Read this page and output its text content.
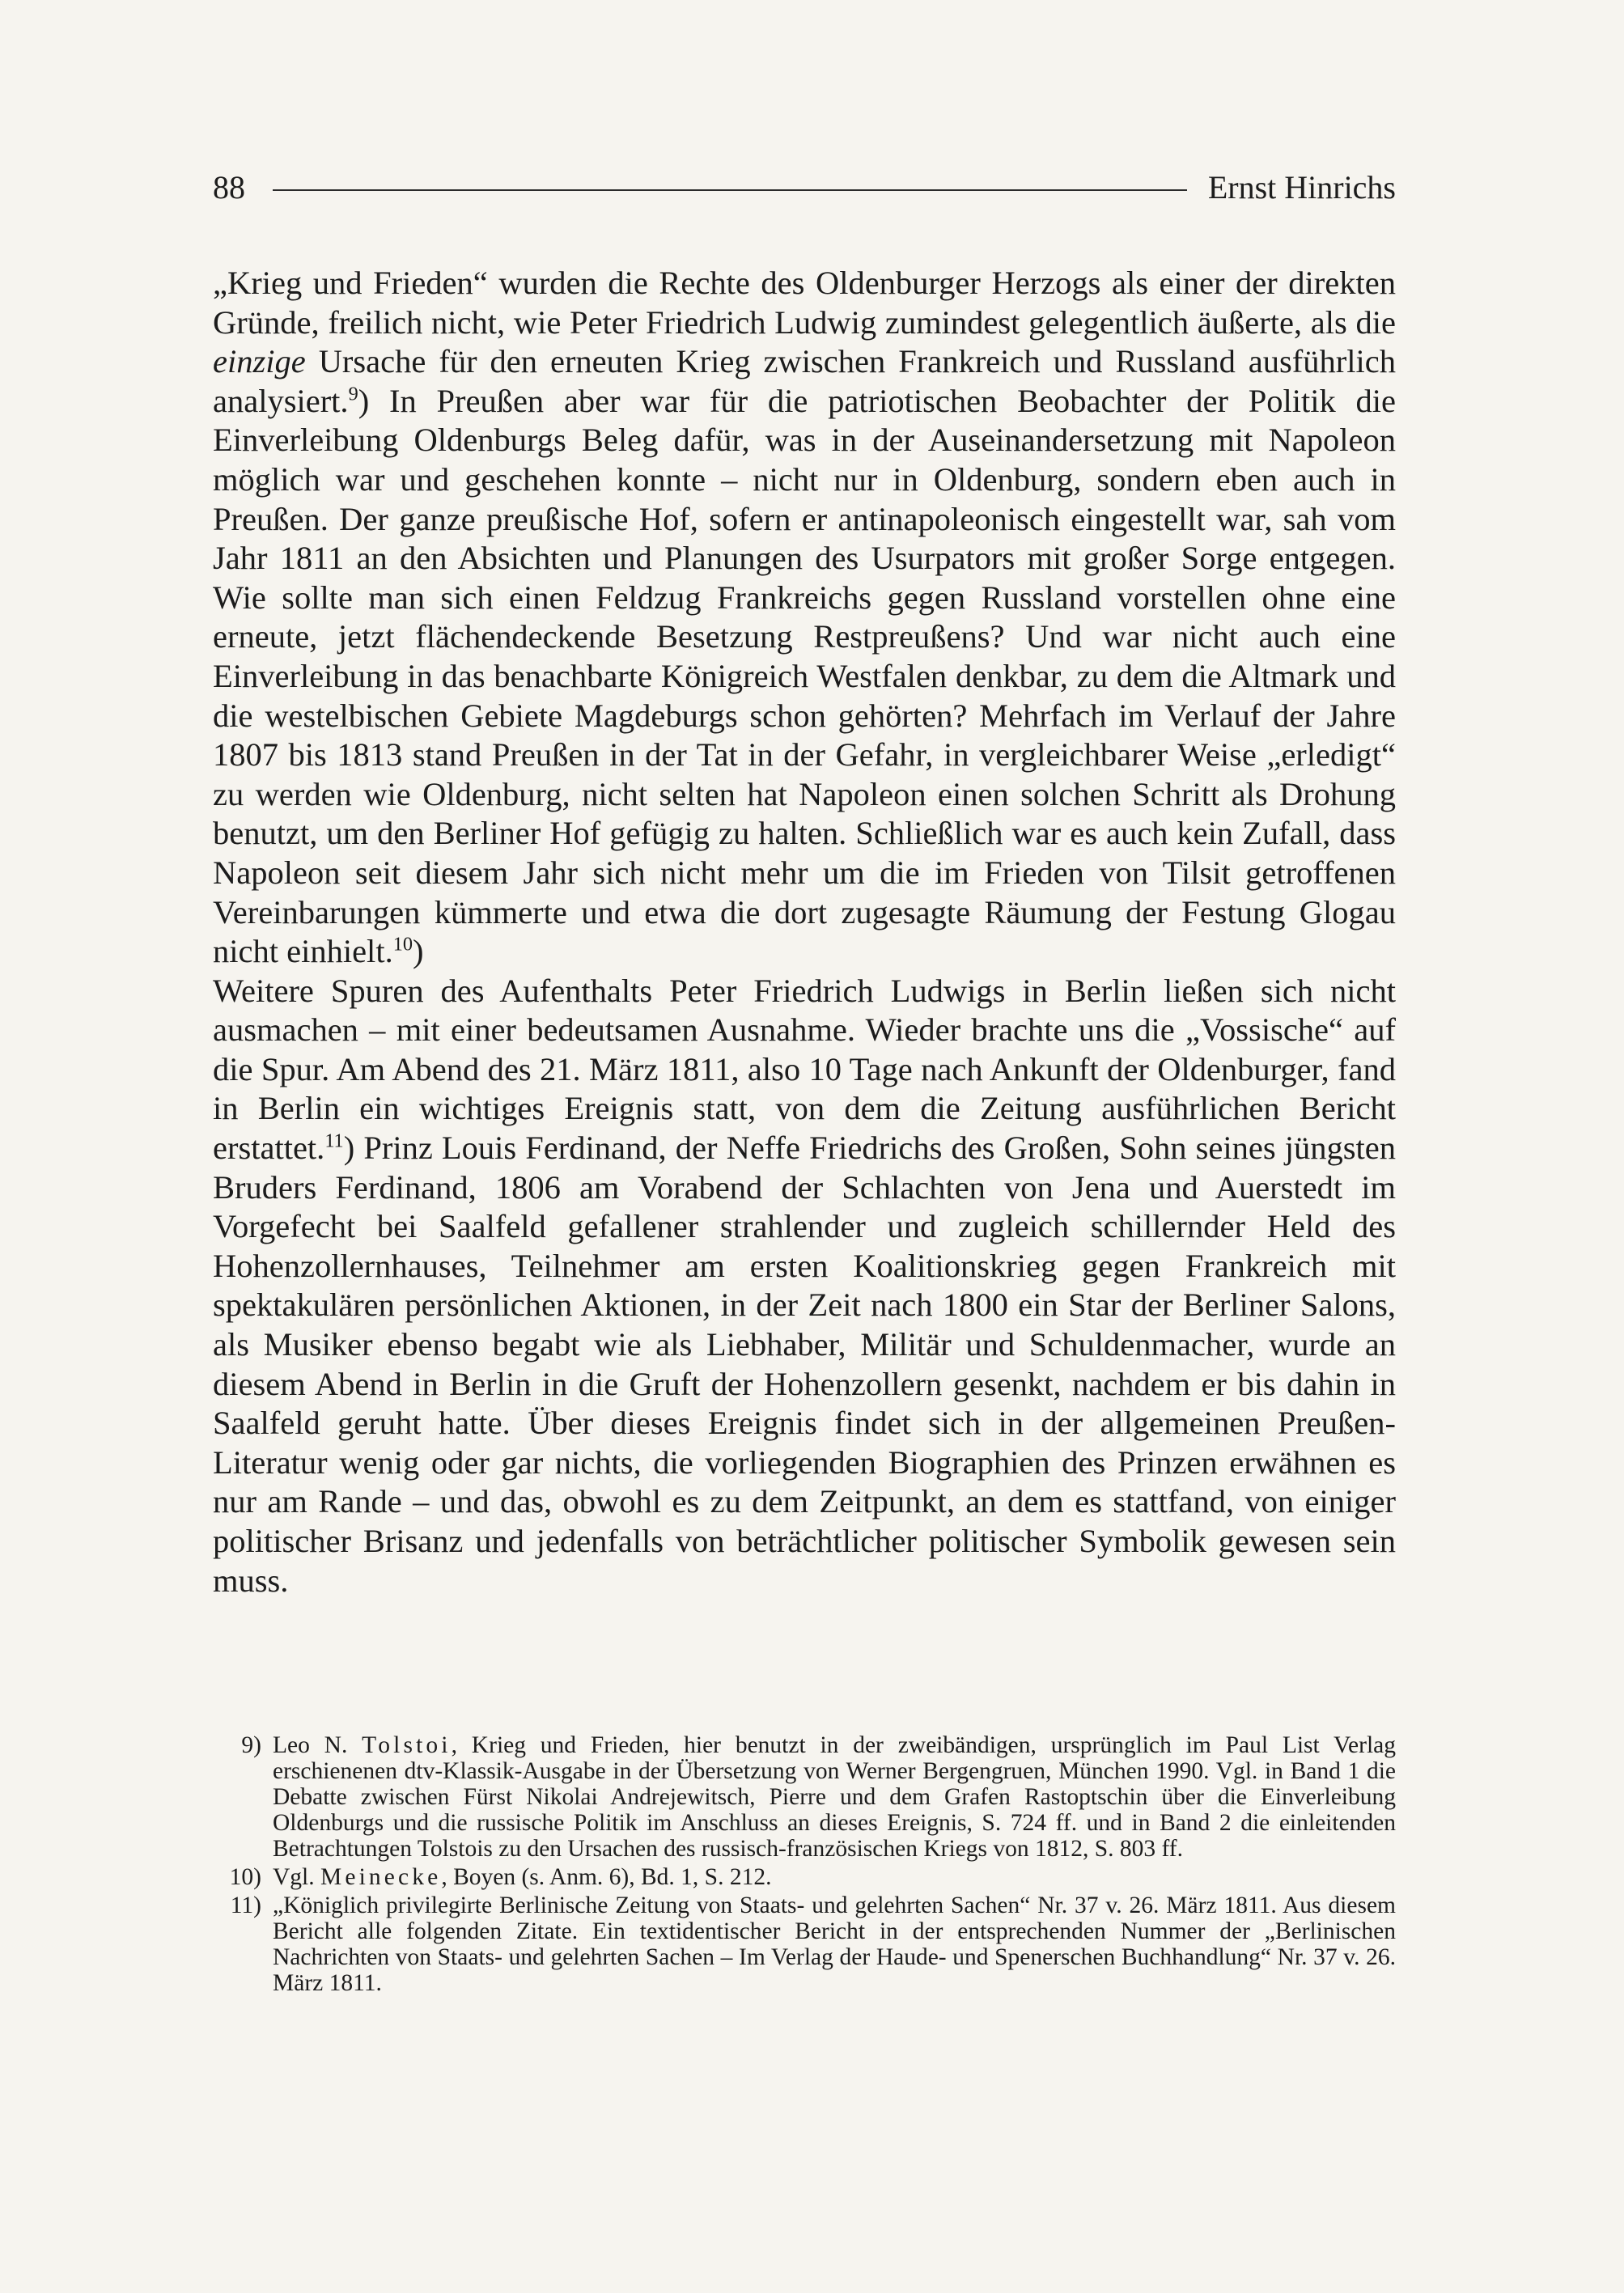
88	Ernst Hinrichs

„Krieg und Frieden“ wurden die Rechte des Oldenburger Herzogs als einer der direkten Gründe, freilich nicht, wie Peter Friedrich Ludwig zumindest gelegentlich äußerte, als die einzige Ursache für den erneuten Krieg zwischen Frankreich und Russland ausführlich analysiert.$^9$) In Preußen aber war für die patriotischen Beobachter der Politik die Einverleibung Oldenburgs Beleg dafür, was in der Auseinandersetzung mit Napoleon möglich war und geschehen konnte – nicht nur in Oldenburg, sondern eben auch in Preußen. Der ganze preußische Hof, sofern er antinapoleonisch eingestellt war, sah vom Jahr 1811 an den Absichten und Planungen des Usurpators mit großer Sorge entgegen. Wie sollte man sich einen Feldzug Frankreichs gegen Russland vorstellen ohne eine erneute, jetzt flächendeckende Besetzung Restpreußens? Und war nicht auch eine Einverleibung in das benachbarte Königreich Westfalen denkbar, zu dem die Altmark und die westelbischen Gebiete Magdeburgs schon gehörten? Mehrfach im Verlauf der Jahre 1807 bis 1813 stand Preußen in der Tat in der Gefahr, in vergleichbarer Weise „erledigt“ zu werden wie Oldenburg, nicht selten hat Napoleon einen solchen Schritt als Drohung benutzt, um den Berliner Hof gefügig zu halten. Schließlich war es auch kein Zufall, dass Napoleon seit diesem Jahr sich nicht mehr um die im Frieden von Tilsit getroffenen Vereinbarungen kümmerte und etwa die dort zugesagte Räumung der Festung Glogau nicht einhielt.$^{10}$)

Weitere Spuren des Aufenthalts Peter Friedrich Ludwigs in Berlin ließen sich nicht ausmachen – mit einer bedeutsamen Ausnahme. Wieder brachte uns die „Vossische“ auf die Spur. Am Abend des 21. März 1811, also 10 Tage nach Ankunft der Oldenburger, fand in Berlin ein wichtiges Ereignis statt, von dem die Zeitung ausführlichen Bericht erstattet.$^{11}$) Prinz Louis Ferdinand, der Neffe Friedrichs des Großen, Sohn seines jüngsten Bruders Ferdinand, 1806 am Vorabend der Schlachten von Jena und Auerstedt im Vorgefecht bei Saalfeld gefallener strahlender und zugleich schillernder Held des Hohenzollernhauses, Teilnehmer am ersten Koalitionskrieg gegen Frankreich mit spektakulären persönlichen Aktionen, in der Zeit nach 1800 ein Star der Berliner Salons, als Musiker ebenso begabt wie als Liebhaber, Militär und Schuldenmacher, wurde an diesem Abend in Berlin in die Gruft der Hohenzollern gesenkt, nachdem er bis dahin in Saalfeld geruht hatte. Über dieses Ereignis findet sich in der allgemeinen Preußen-Literatur wenig oder gar nichts, die vorliegenden Biographien des Prinzen erwähnen es nur am Rande – und das, obwohl es zu dem Zeitpunkt, an dem es stattfand, von einiger politischer Brisanz und jedenfalls von beträchtlicher politischer Symbolik gewesen sein muss.

9) Leo N. Tolstoi, Krieg und Frieden, hier benutzt in der zweibändigen, ursprünglich im Paul List Verlag erschienenen dtv-Klassik-Ausgabe in der Übersetzung von Werner Bergengruen, München 1990. Vgl. in Band 1 die Debatte zwischen Fürst Nikolai Andrejewitsch, Pierre und dem Grafen Rastoptschin über die Einverleibung Oldenburgs und die russische Politik im Anschluss an dieses Ereignis, S. 724 ff. und in Band 2 die einleitenden Betrachtungen Tolstois zu den Ursachen des russisch-französischen Kriegs von 1812, S. 803 ff.
10) Vgl. Meinecke, Boyen (s. Anm. 6), Bd. 1, S. 212.
11) „Königlich privilegirte Berlinische Zeitung von Staats- und gelehrten Sachen“ Nr. 37 v. 26. März 1811. Aus diesem Bericht alle folgenden Zitate. Ein textidentischer Bericht in der entsprechenden Nummer der „Berlinischen Nachrichten von Staats- und gelehrten Sachen – Im Verlag der Haude- und Spenerschen Buchhandlung“ Nr. 37 v. 26. März 1811.
